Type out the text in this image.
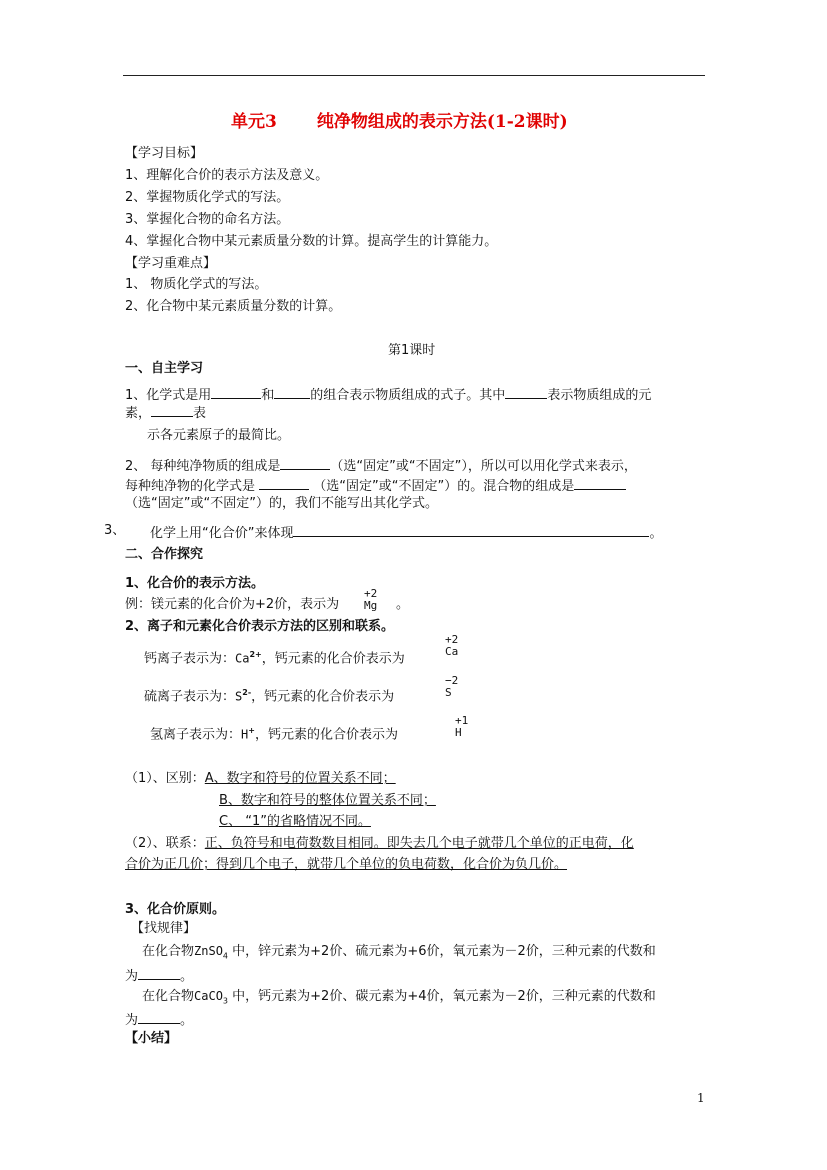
单元3 纯净物组成的表示方法(1-2课时)
【学习目标】
1、理解化合价的表示方法及意义。
2、掌握物质化学式的写法。
3、掌握化合物的命名方法。
4、掌握化合物中某元素质量分数的计算。提高学生的计算能力。
【学习重难点】
1、 物质化学式的写法。
2、化合物中某元素质量分数的计算。
第1课时
一、自主学习
1、化学式是用	和	的组合表示物质组成的式子。其中	表示物质组成的元
素，	表
示各元素原子的最简比。
2、 每种纯净物质的组成是	（选“固定”或“不固定”），所以可以用化学式来表示，
每种纯净物的化学式是	（选“固定”或“不固定”）的。混合物的组成是
（选“固定”或“不固定”）的，我们不能写出其化学式。
3、 化学上用“化合价”来体现	。
二、合作探究
1、化合价的表示方法。
例：镁元素的化合价为+2价，表示为
+2
Mg 。
2、离子和元素化合价表示方法的区别和联系。
钙离子表示为：$Ca^{2+}$，钙元素的化合价表示为
+2
Ca
硫离子表示为：$S^{2-}$，钙元素的化合价表示为
−2
S
氢离子表示为：H+，钙元素的化合价表示为
+1
H
（1）、区别：A、数字和符号的位置关系不同；
B、数字和符号的整体位置关系不同；
C、 “1”的省略情况不同。
（2）、联系：正、负符号和电荷数数目相同。即失去几个电子就带几个单位的正电荷，化
合价为正几价；得到几个电子，就带几个单位的负电荷数，化合价为负几价。
3、化合价原则。
【找规律】
在化合物ZnSO$_4$ 中，锌元素为+2价、硫元素为+6价，氧元素为－2价，三种元素的代数和
为	。
在化合物CaCO$_3$ 中，钙元素为+2价、碳元素为+4价，氧元素为－2价，三种元素的代数和
为	。
【小结】
1
